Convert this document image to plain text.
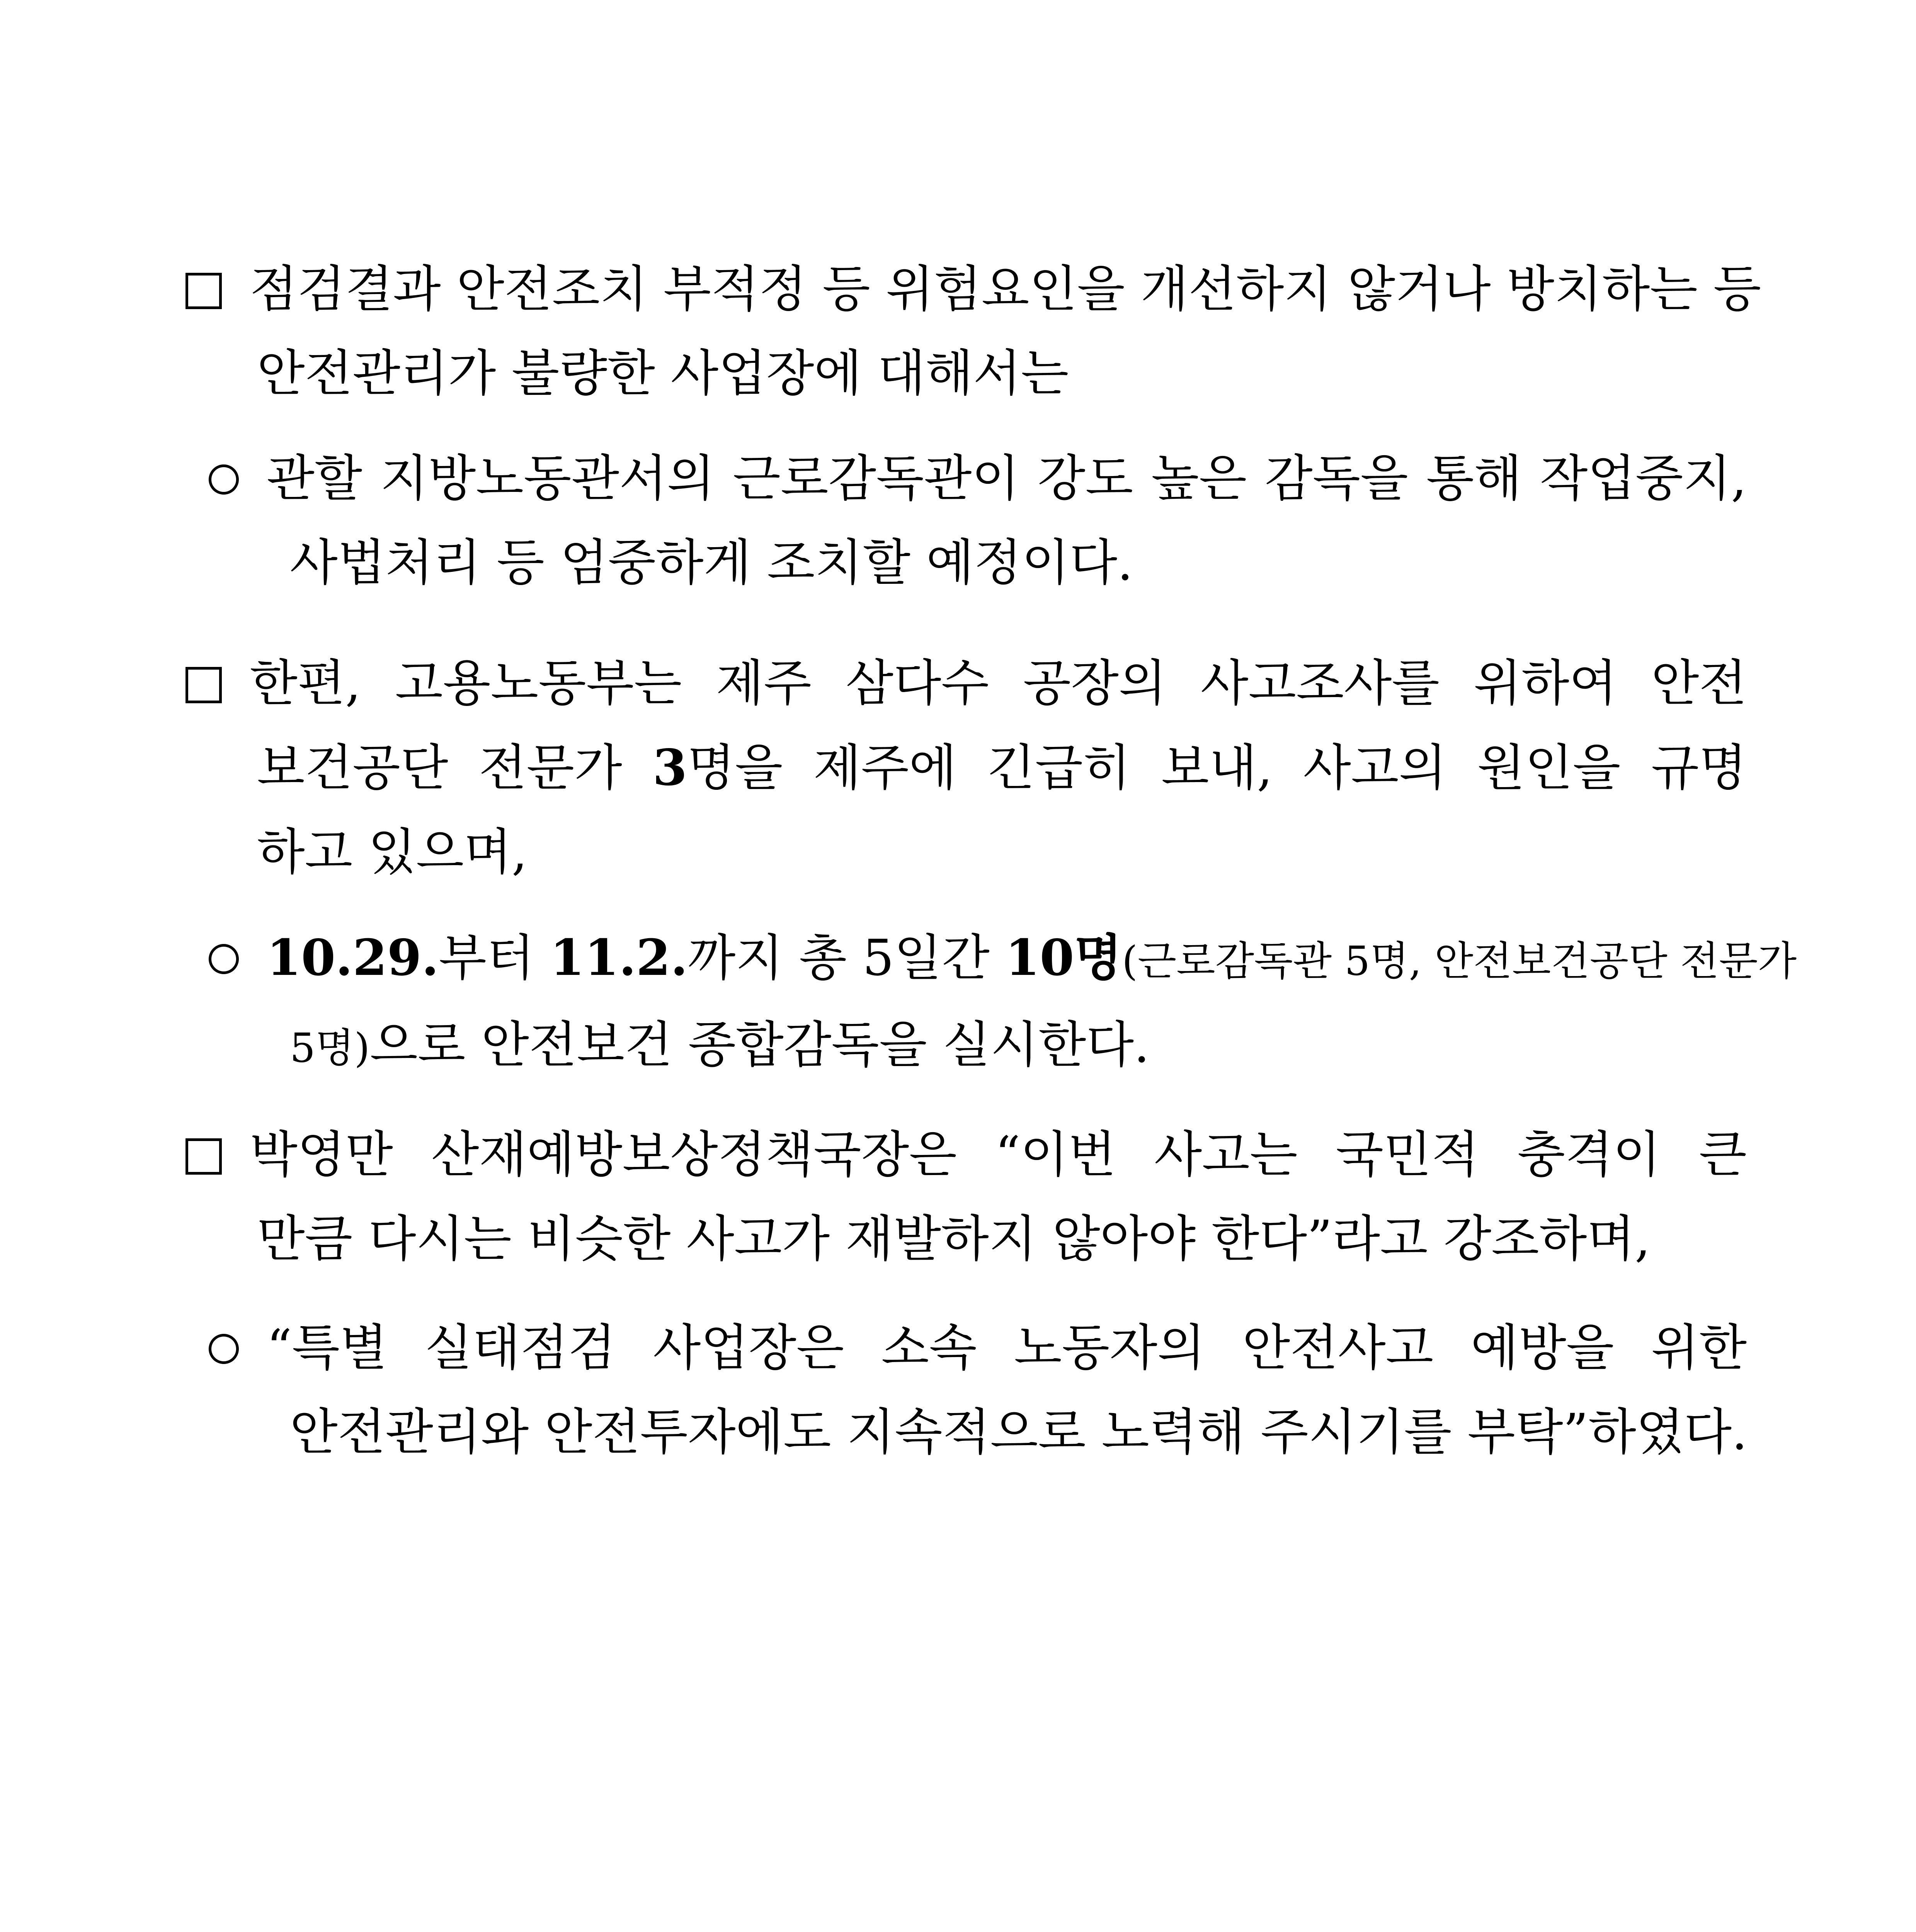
점검결과 안전조치 부적정 등 위험요인을 개선하지 않거나 방치하는 등
안전관리가 불량한 사업장에 대해서는
관할 지방노동관서의 근로감독관이 강도 높은 감독을 통해 작업중지,
사법처리 등 엄중하게 조치할 예정이다.
한편, 고용노동부는 제주 삼다수 공장의 사고조사를 위하여 안전
보건공단 전문가 3명을 제주에 긴급히 보내, 사고의 원인을 규명
하고 있으며,
10.29.부터 11.2.까지 총 5일간 10명(근로감독관 5명, 안전보건공단 전문가
5명)으로 안전보건 종합감독을 실시한다.
박영만 산재예방보상정책국장은 “이번 사고는 국민적 충격이 큰
만큼 다시는 비슷한 사고가 재발하지 않아야 한다”라고 강조하며,
“특별 실태점검 사업장은 소속 노동자의 안전사고 예방을 위한
안전관리와 안전투자에도 지속적으로 노력해 주시기를 부탁”하였다.
